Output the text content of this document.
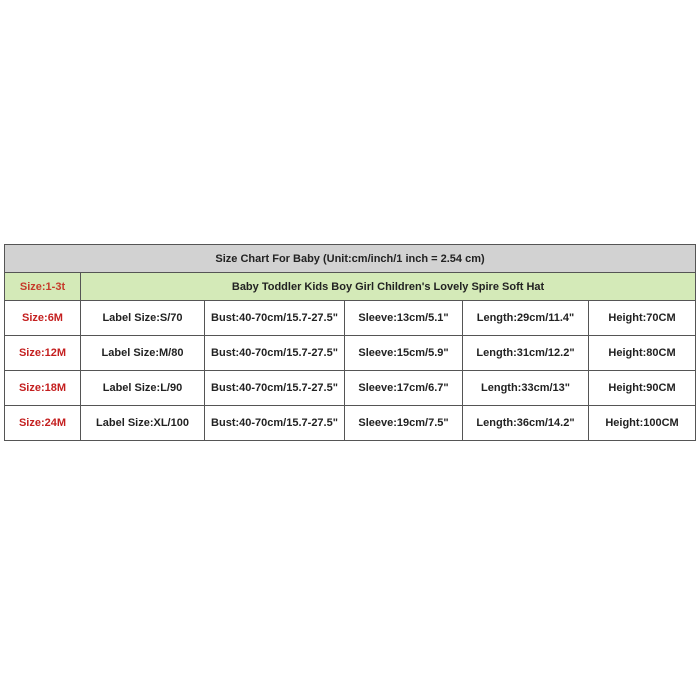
Size Chart For Baby (Unit:cm/inch/1 inch = 2.54 cm)					
Size:1-3t	Baby Toddler Kids Boy Girl Children's Lovely Spire Soft Hat				
Size:6M	Label Size:S/70	Bust:40-70cm/15.7-27.5"	Sleeve:13cm/5.1"	Length:29cm/11.4"	Height:70CM
Size:12M	Label Size:M/80	Bust:40-70cm/15.7-27.5"	Sleeve:15cm/5.9"	Length:31cm/12.2"	Height:80CM
Size:18M	Label Size:L/90	Bust:40-70cm/15.7-27.5"	Sleeve:17cm/6.7"	Length:33cm/13"	Height:90CM
Size:24M	Label Size:XL/100	Bust:40-70cm/15.7-27.5"	Sleeve:19cm/7.5"	Length:36cm/14.2"	Height:100CM
